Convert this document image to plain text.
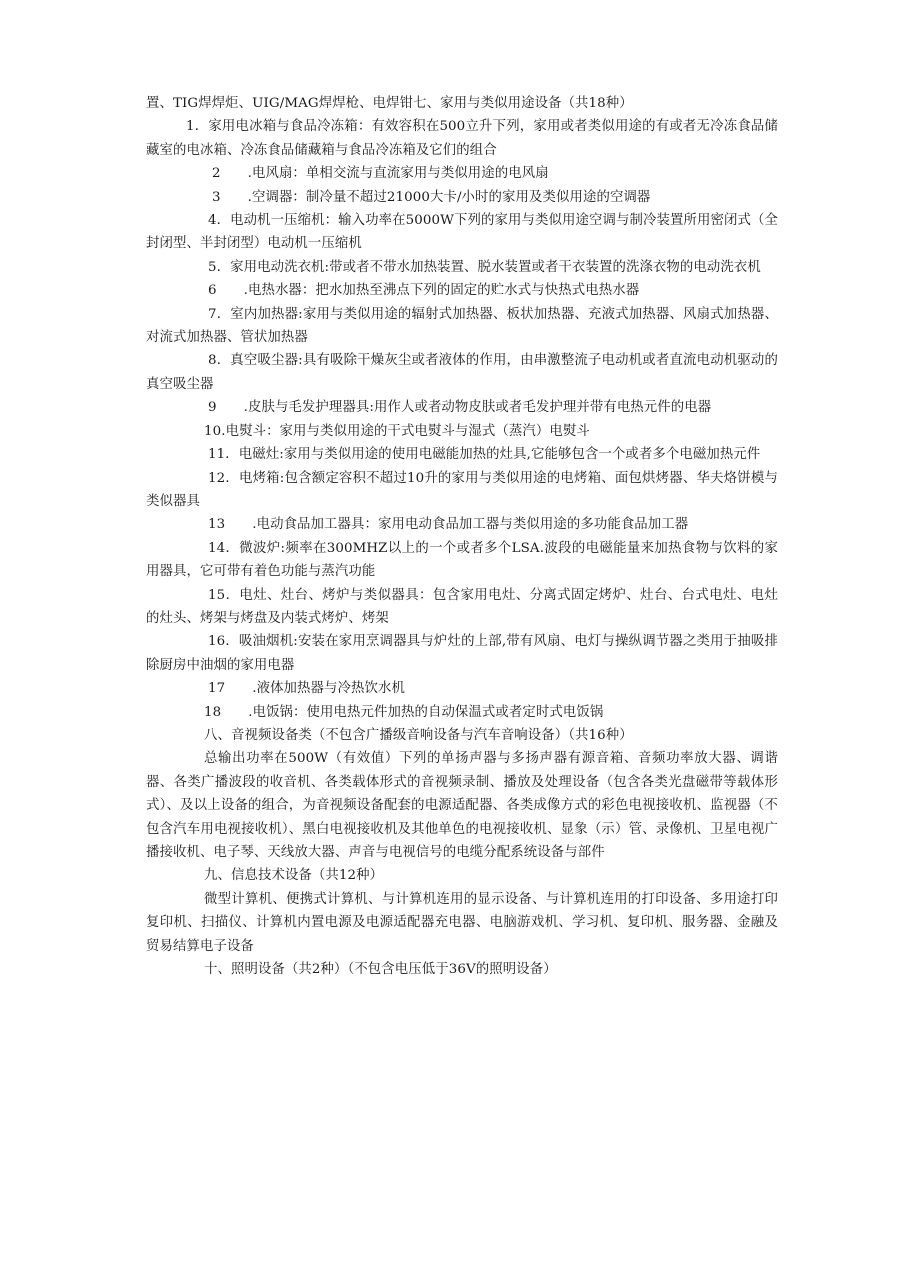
置、TIG焊焊炬、UIG/MAG焊焊枪、电焊钳七、家用与类似用途设备（共18种）

1．家用电冰箱与食品冷冻箱：有效容积在500立升下列，家用或者类似用途的有或者无冷冻食品储藏室的电冰箱、冷冻食品储藏箱与食品冷冻箱及它们的组合

2　　.电风扇：单相交流与直流家用与类似用途的电风扇

3　　.空调器：制冷量不超过21000大卡/小时的家用及类似用途的空调器

4．电动机一压缩机：输入功率在5000W下列的家用与类似用途空调与制冷装置所用密闭式（全封闭型、半封闭型）电动机一压缩机

5．家用电动洗衣机:带或者不带水加热装置、脱水装置或者干衣装置的洗涤衣物的电动洗衣机

6　　.电热水器：把水加热至沸点下列的固定的贮水式与快热式电热水器

7．室内加热器:家用与类似用途的辐射式加热器、板状加热器、充液式加热器、风扇式加热器、对流式加热器、管状加热器

8．真空吸尘器:具有吸除干燥灰尘或者液体的作用，由串激整流子电动机或者直流电动机驱动的真空吸尘器

9　　.皮肤与毛发护理器具:用作人或者动物皮肤或者毛发护理并带有电热元件的电器

10.电熨斗：家用与类似用途的干式电熨斗与湿式（蒸汽）电熨斗

11．电磁灶:家用与类似用途的使用电磁能加热的灶具,它能够包含一个或者多个电磁加热元件

12．电烤箱:包含额定容积不超过10升的家用与类似用途的电烤箱、面包烘烤器、华夫烙饼模与类似器具

13　　.电动食品加工器具：家用电动食品加工器与类似用途的多功能食品加工器

14．微波炉:频率在300MHZ以上的一个或者多个LSA.波段的电磁能量来加热食物与饮料的家用器具，它可带有着色功能与蒸汽功能

15．电灶、灶台、烤炉与类似器具：包含家用电灶、分离式固定烤炉、灶台、台式电灶、电灶的灶头、烤架与烤盘及内装式烤炉、烤架

16．吸油烟机:安装在家用烹调器具与炉灶的上部,带有风扇、电灯与操纵调节器之类用于抽吸排除厨房中油烟的家用电器

17　　.液体加热器与冷热饮水机

18　　.电饭锅：使用电热元件加热的自动保温式或者定时式电饭锅

八、音视频设备类（不包含广播级音响设备与汽车音响设备）（共16种）

总输出功率在500W（有效值）下列的单扬声器与多扬声器有源音箱、音频功率放大器、调谐器、各类广播波段的收音机、各类载体形式的音视频录制、播放及处理设备（包含各类光盘磁带等载体形式）、及以上设备的组合，为音视频设备配套的电源适配器、各类成像方式的彩色电视接收机、监视器（不包含汽车用电视接收机）、黑白电视接收机及其他单色的电视接收机、显象（示）管、录像机、卫星电视广播接收机、电子琴、天线放大器、声音与电视信号的电缆分配系统设备与部件

九、信息技术设备（共12种）

微型计算机、便携式计算机、与计算机连用的显示设备、与计算机连用的打印设备、多用途打印复印机、扫描仪、计算机内置电源及电源适配器充电器、电脑游戏机、学习机、复印机、服务器、金融及贸易结算电子设备

十、照明设备（共2种）（不包含电压低于36V的照明设备）
